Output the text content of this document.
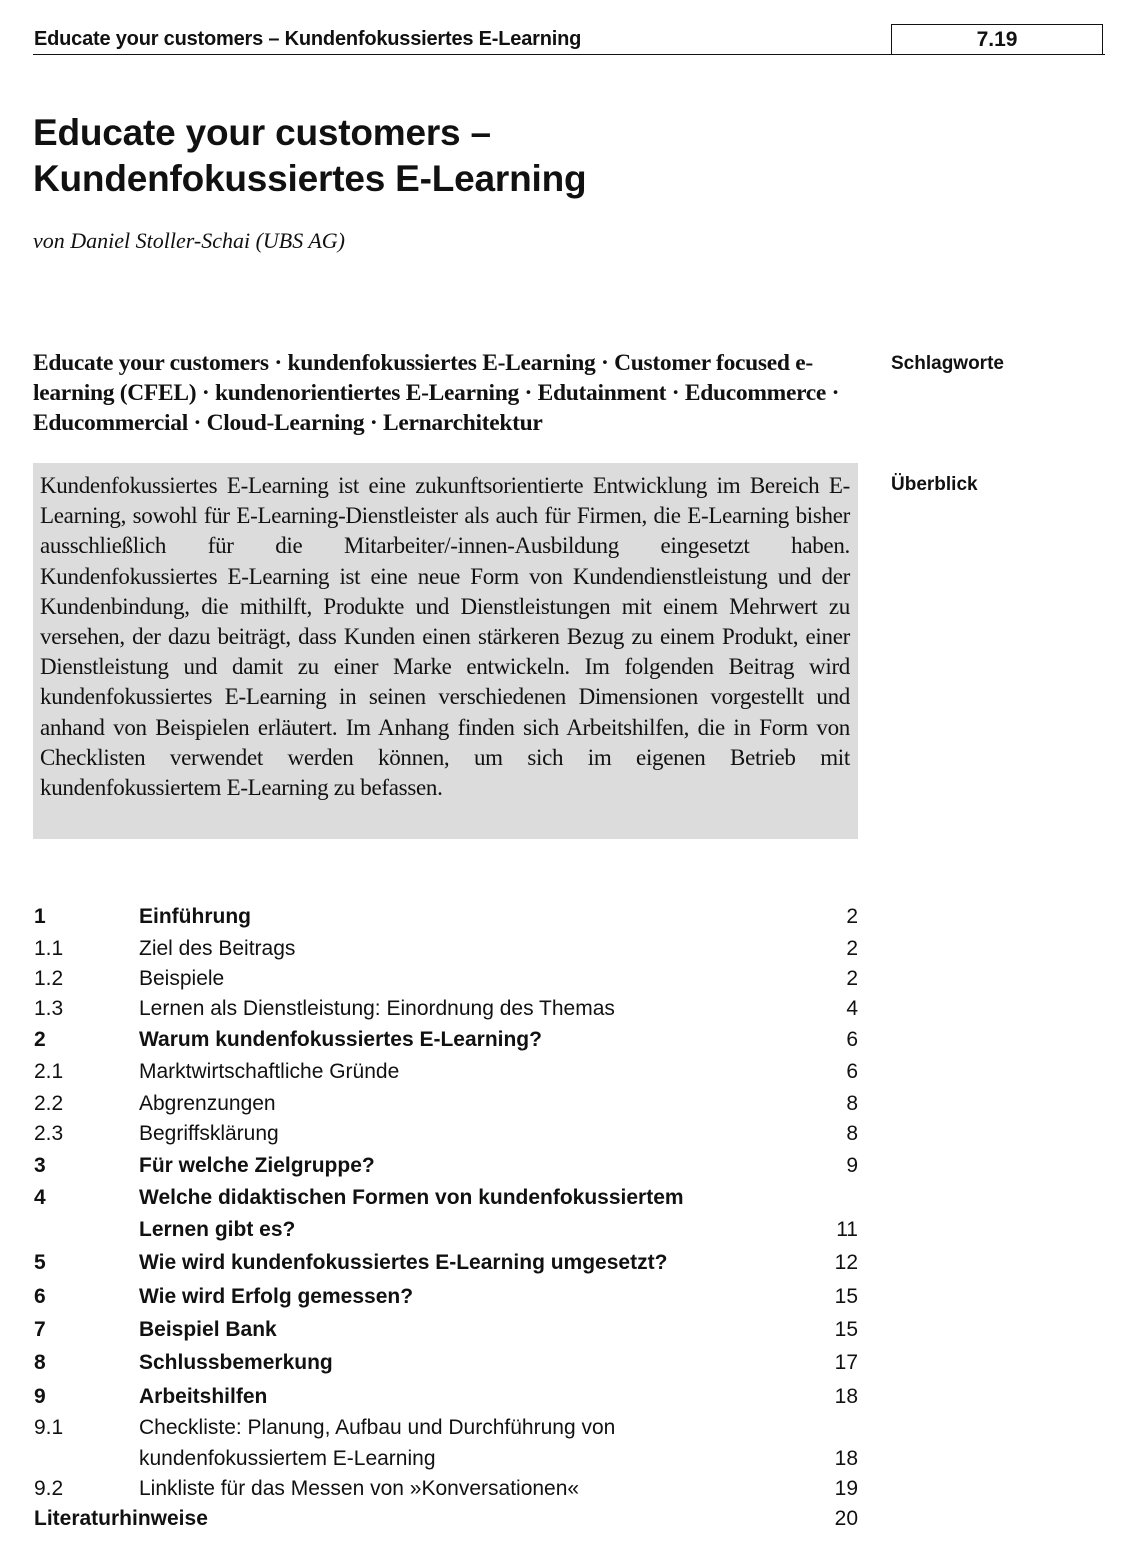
Educate your customers – Kundenfokussiertes E-Learning	7.19
Educate your customers –
Kundenfokussiertes E-Learning
von Daniel Stoller-Schai (UBS AG)
Educate your customers · kundenfokussiertes E-Learning · Customer focused e-learning (CFEL) · kundenorientiertes E-Learning · Edutainment · Educommerce · Educommercial · Cloud-Learning · Lernarchitektur
Schlagworte

Kundenfokussiertes E-Learning ist eine zukunftsorientierte Entwicklung im Bereich E-Learning, sowohl für E-Learning-Dienstleister als auch für Firmen, die E-Learning bisher ausschließlich für die Mitarbeiter/-innen-Ausbildung eingesetzt haben. Kundenfokussiertes E-Learning ist eine neue Form von Kundendienstleistung und der Kundenbindung, die mithilft, Produkte und Dienstleistungen mit einem Mehrwert zu versehen, der dazu beiträgt, dass Kunden einen stärkeren Bezug zu einem Produkt, einer Dienstleistung und damit zu einer Marke entwickeln. Im folgenden Beitrag wird kundenfokussiertes E-Learning in seinen verschiedenen Dimensionen vorgestellt und anhand von Beispielen erläutert. Im Anhang finden sich Arbeitshilfen, die in Form von Checklisten verwendet werden können, um sich im eigenen Betrieb mit kundenfokussiertem E-Learning zu befassen.

Überblick
1	Einführung	2
1.1	Ziel des Beitrags	2
1.2	Beispiele	2
1.3	Lernen als Dienstleistung: Einordnung des Themas	4
2	Warum kundenfokussiertes E-Learning?	6
2.1	Marktwirtschaftliche Gründe	6
2.2	Abgrenzungen	8
2.3	Begriffsklärung	8
3	Für welche Zielgruppe?	9
4	Welche didaktischen Formen von kundenfokussiertem Lernen gibt es?	11
5	Wie wird kundenfokussiertes E-Learning umgesetzt?	12
6	Wie wird Erfolg gemessen?	15
7	Beispiel Bank	15
8	Schlussbemerkung	17
9	Arbeitshilfen	18
9.1	Checkliste: Planung, Aufbau und Durchführung von kundenfokussiertem E-Learning	18
9.2	Linkliste für das Messen von »Konversationen«	19
Literaturhinweise	20
